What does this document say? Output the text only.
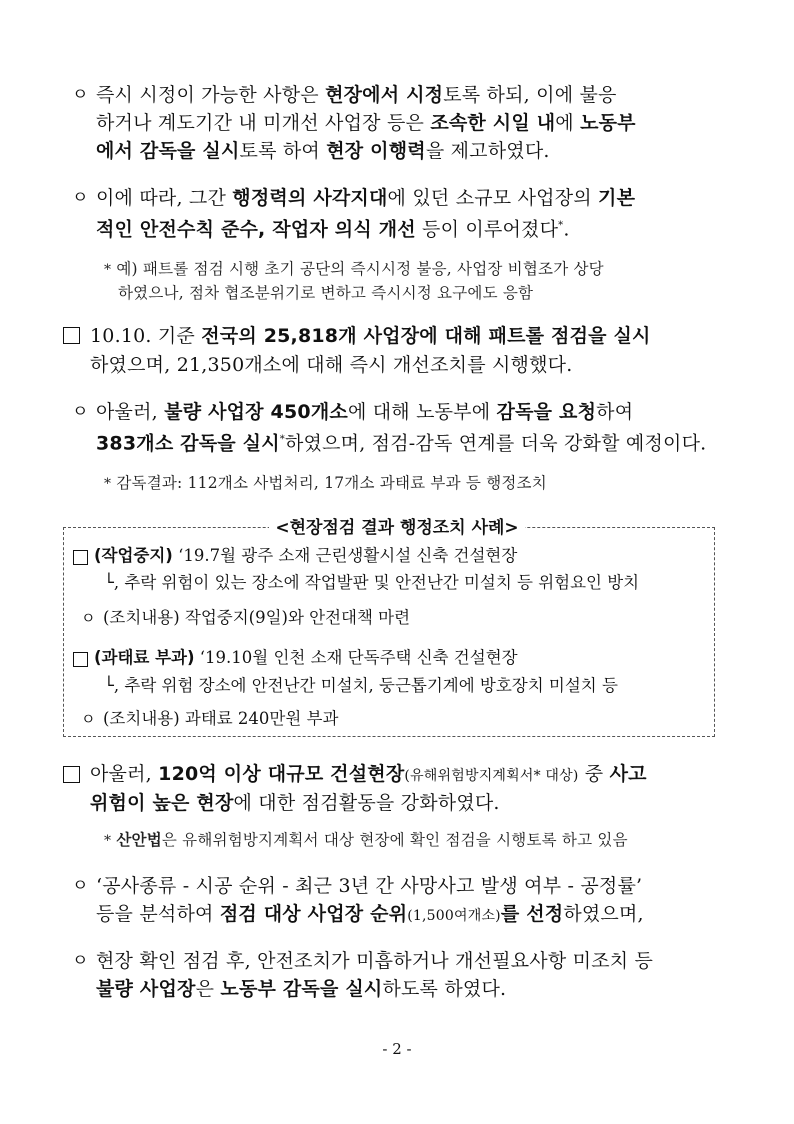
ㅇ 즉시 시정이 가능한 사항은 현장에서 시정토록 하되, 이에 불응
하거나 계도기간 내 미개선 사업장 등은 조속한 시일 내에 노동부
에서 감독을 실시토록 하여 현장 이행력을 제고하였다.
ㅇ 이에 따라, 그간 행정력의 사각지대에 있던 소규모 사업장의 기본
적인 안전수칙 준수, 작업자 의식 개선 등이 이루어졌다*.
* 예) 패트롤 점검 시행 초기 공단의 즉시시정 불응, 사업장 비협조가 상당
하였으나, 점차 협조분위기로 변하고 즉시시정 요구에도 응함
10.10. 기준 전국의 25,818개 사업장에 대해 패트롤 점검을 실시
하였으며, 21,350개소에 대해 즉시 개선조치를 시행했다.
ㅇ 아울러, 불량 사업장 450개소에 대해 노동부에 감독을 요청하여
383개소 감독을 실시*하였으며, 점검-감독 연계를 더욱 강화할 예정이다.
* 감독결과: 112개소 사법처리, 17개소 과태료 부과 등 행정조치
<현장점검 결과 행정조치 사례>
(작업중지) ‘19.7월 광주 소재 근린생활시설 신축 건설현장
└, 추락 위험이 있는 장소에 작업발판 및 안전난간 미설치 등 위험요인 방치
ㅇ (조치내용) 작업중지(9일)와 안전대책 마련
(과태료 부과) ‘19.10월 인천 소재 단독주택 신축 건설현장
└, 추락 위험 장소에 안전난간 미설치, 둥근톱기계에 방호장치 미설치 등
ㅇ (조치내용) 과태료 240만원 부과
아울러, 120억 이상 대규모 건설현장(유해위험방지계획서* 대상) 중 사고
위험이 높은 현장에 대한 점검활동을 강화하였다.
* 산안법은 유해위험방지계획서 대상 현장에 확인 점검을 시행토록 하고 있음
ㅇ ‘공사종류 - 시공 순위 - 최근 3년 간 사망사고 발생 여부 - 공정률’
등을 분석하여 점검 대상 사업장 순위(1,500여개소)를 선정하였으며,
ㅇ 현장 확인 점검 후, 안전조치가 미흡하거나 개선필요사항 미조치 등
불량 사업장은 노동부 감독을 실시하도록 하였다.
- 2 -
